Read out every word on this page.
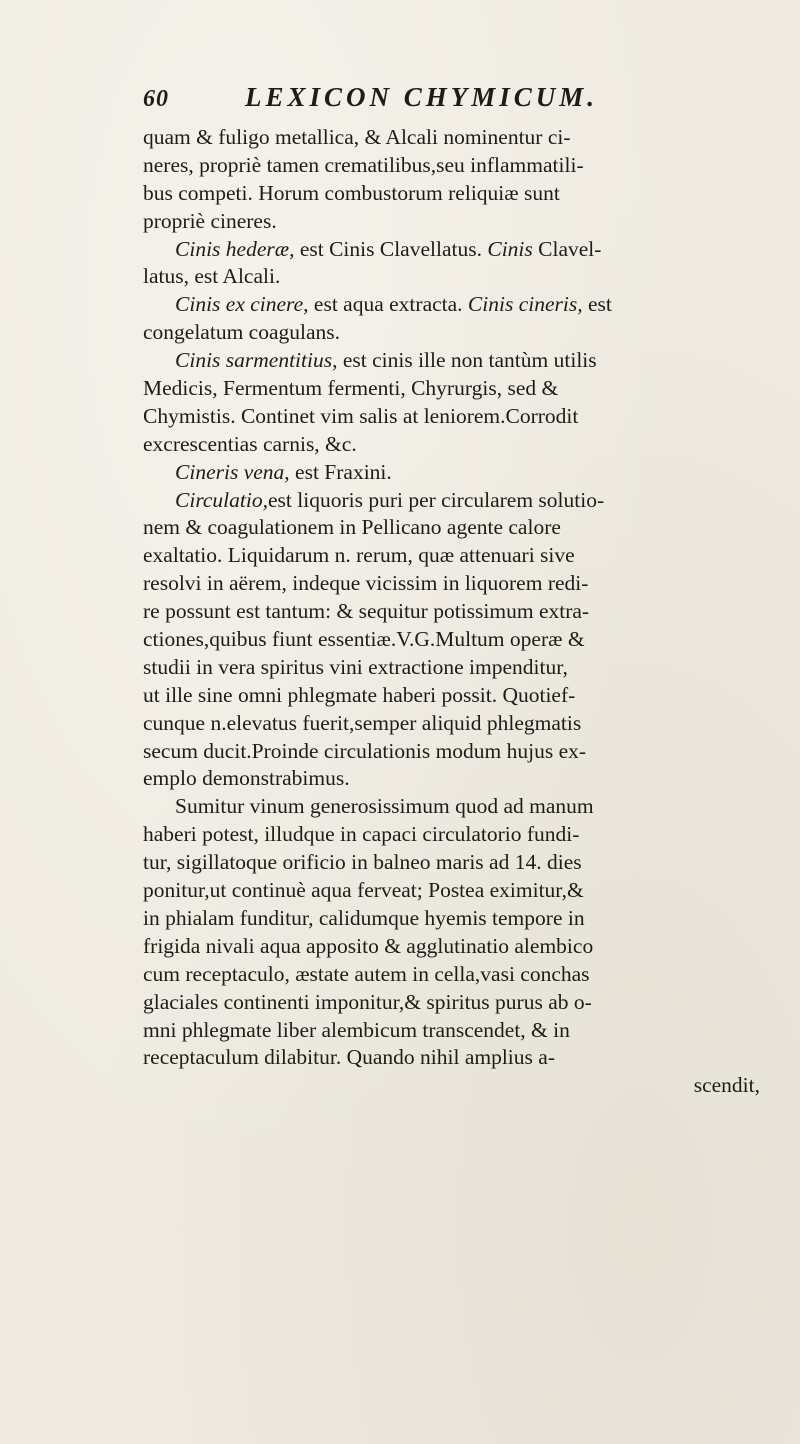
60	LEXICON CHYMICUM.
quam & fuligo metallica, & Alcali nominentur ci-
neres, propriè tamen crematilibus,seu inflammatili-
bus competi. Horum combustorum reliquiæ sunt
propriè cineres.
Cinis hederæ, est Cinis Clavellatus. Cinis Clavel-
latus, est Alcali.
Cinis ex cinere, est aqua extracta. Cinis cineris, est
congelatum coagulans.
Cinis sarmentitius, est cinis ille non tantùm utilis
Medicis, Fermentum fermenti, Chyrurgis, sed &
Chymistis. Continet vim salis at leniorem.Corrodit
excrescentias carnis, &c.
Cineris vena, est Fraxini.
Circulatio,est liquoris puri per circularem solutio-
nem & coagulationem in Pellicano agente calore
exaltatio. Liquidarum n. rerum, quæ attenuari sive
resolvi in aërem, indeque vicissim in liquorem redi-
re possunt est tantum: & sequitur potissimum extra-
ctiones,quibus fiunt essentiæ.V.G.Multum operæ &
studii in vera spiritus vini extractione impenditur,
ut ille sine omni phlegmate haberi possit. Quotief-
cunque n.elevatus fuerit,semper aliquid phlegmatis
secum ducit.Proinde circulationis modum hujus ex-
emplo demonstrabimus.
Sumitur vinum generosissimum quod ad manum
haberi potest, illudque in capaci circulatorio fundi-
tur, sigillatoque orificio in balneo maris ad 14. dies
ponitur,ut continuè aqua ferveat; Postea eximitur,&
in phialam funditur, calidumque hyemis tempore in
frigida nivali aqua apposito & agglutinatio alembico
cum receptaculo, æstate autem in cella,vasi conchas
glaciales continenti imponitur,& spiritus purus ab o-
mni phlegmate liber alembicum transcendet, & in
receptaculum dilabitur. Quando nihil amplius a-
scendit,
